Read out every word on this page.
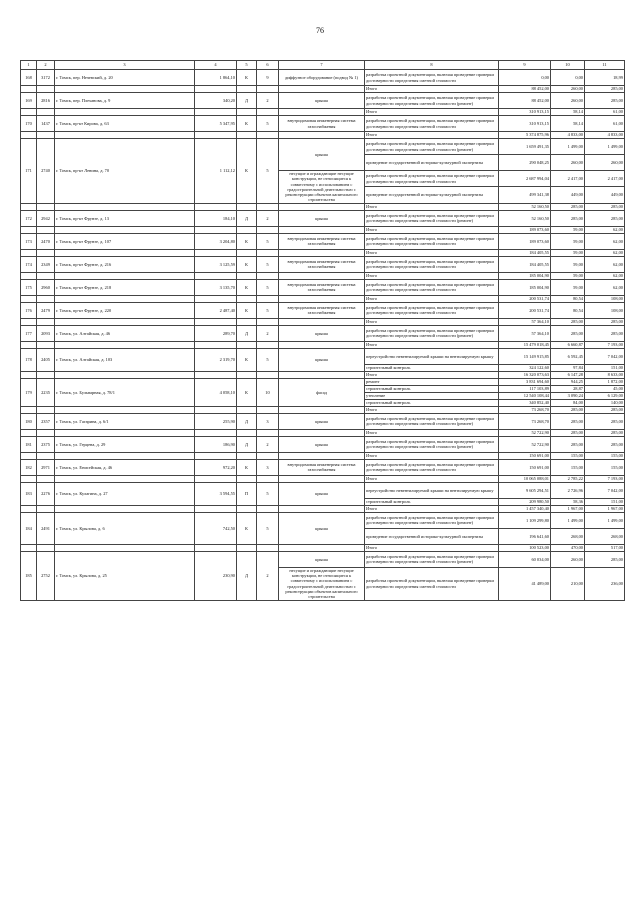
76
1	2	3	4	5	6	7	8	9	10	11
168	3172	г. Томск, пер. Нечевский, д. 20	1 864,10	К	9	диффузное оборудование (подвод № 1)	разработка проектной документации, включая проведение проверки достоверности определения сметной стоимости	0,00	0,00	18,99
							Итого	88 452,00	260,00	285,00
169	2816	г. Томск, пер. Плеханова, д. 9	340,20	Д	2	крыша	разработка проектной документации, включая проведение проверки достоверности определения сметной стоимости (ремонт)	88 452,00	260,00	285,00
							Итого	310 913,15	58,14	61,00
170	1437	г. Томск, пр-кт Кирова, д. 63	5 347,95	К	5	внутридомовая инженерная система газоснабжения	разработка проектной документации, включая проведение проверки достоверности определения сметной стоимости	310 913,15	58,14	61,00
							Итого	5 374 875,96	4 833,00	4 833,00
171	2740	г. Томск, пр-кт Ленина, д. 70	1 112,12	К	5	крыша	разработка проектной документации, включая проведение проверки достоверности определения сметной стоимости (ремонт)	1 659 491,35	1 499,00	1 499,00
							проведение государственной историко-культурной экспертизы	290 048,25	260,00	260,00
						несущие и ограждающие несущие конструкции, не относящиеся к совместному с использованием с градостроительной деятельностью с реконструкции объектов капитального строительства	разработка проектной документации, включая проведение проверки достоверности определения сметной стоимости	2 687 994,04	2 417,00	2 417,00
							проведение государственной историко-культурной экспертизы	499 341,38	449,00	449,00
							Итого	52 160,50	285,00	285,00
172	2942	г. Томск, пр-кт Фрунзе, д. 13	184,10	Д	2	крыша	разработка проектной документации, включая проведение проверки достоверности определения сметной стоимости (ремонт)	52 160,50	285,00	285,00
							Итого	189 073,60	59,00	62,00
173	2470	г. Томск, пр-кт Фрунзе, д. 107	3 204,80	К	5	внутридомовая инженерная система газоснабжения	разработка проектной документации, включая проведение проверки достоверности определения сметной стоимости	189 073,60	59,00	62,00
							Итого	184 405,55	59,00	62,00
174	2349	г. Томск, пр-кт Фрунзе, д. 216	3 125,59	К	5	внутридомовая инженерная система газоснабжения	разработка проектной документации, включая проведение проверки достоверности определения сметной стоимости	184 405,55	59,00	62,00
							Итого	185 004,90	59,00	62,00
175	2960	г. Томск, пр-кт Фрунзе, д. 218	3 135,70	К	5	внутридомовая инженерная система газоснабжения	разработка проектной документации, включая проведение проверки достоверности определения сметной стоимости	185 004,90	59,00	62,00
							Итого	200 531,74	80,54	108,00
176	2479	г. Томск, пр-кт Фрунзе, д. 220	2 487,40	К	5	внутридомовая инженерная система газоснабжения	разработка проектной документации, включая проведение проверки достоверности определения сметной стоимости	200 531,74	80,54	108,00
							Итого	57 364,10	285,00	285,00
177	2093	г. Томск, ул. Алтайская, д. 46	289,70	Д	2	крыша	разработка проектной документации, включая проведение проверки достоверности определения сметной стоимости (ремонт)	57 364,10	285,00	285,00
							Итого	15 479 018,45	6 660,87	7 193,00
178	2405	г. Томск, ул. Алтайская, д. 103	2 319,70	К	5	крыша	переустройство невентилируемой крыши на вентилируемую крышу	15 149 915,85	6 592,45	7 042,00
							строительный контроль	324 122,60	97,84	151,00
							Итого	16 320 073,63	6 147,28	8 633,00
179	2235	г. Томск, ул. Бульварная, д. 78/1	4 058,10	К	10	фасад	ремонт	3 831 694,60	944,25	1 872,00
							строительный контроль	117 103,89	28,87	45,00
							утепление	12 540 108,44	3 090,24	6 129,00
							строительный контроль	340 852,40	84,00	140,00
							Итого	73 268,70	285,00	285,00
180	2357	г. Томск, ул. Гагарина, д. 6/1	255,90	Д	3	крыша	разработка проектной документации, включая проведение проверки достоверности определения сметной стоимости (ремонт)	73 268,70	285,00	285,00
							Итого	52 722,90	285,00	285,00
181	2375	г. Томск, ул. Герцена, д. 29	186,90	Д	2	крыша	разработка проектной документации, включая проведение проверки достоверности определения сметной стоимости (ремонт)	52 722,90	285,00	285,00
							Итого	150 691,00	155,00	155,00
182	2971	г. Томск, ул. Енисейская, д. 46	972,20	К	3	внутридомовая инженерная система газоснабжения	разработка проектной документации, включая проведение проверки достоверности определения сметной стоимости	150 691,00	155,00	155,00
							Итого	10 065 088,01	2 785,22	7 193,00
183	2276	г. Томск, ул. Кулагина, д. 27	3 594,55	П	5	крыша	переустройство невентилируемой крыши на вентилируемую крышу	9 605 294,51	2 726,96	7 042,00
							строительный контроль	209 980,50	58,36	151,00
							Итого	1 457 340,40	1 967,00	1 967,00
184	2491	г. Томск, ул. Крылова, д. 6	742,50	К	5	крыша	разработка проектной документации, включая проведение проверки достоверности определения сметной стоимости (ремонт)	1 109 299,80	1 499,00	1 499,00
							проведение государственной историко-культурной экспертизы	196 641,60	268,00	268,00
							Итого	100 523,00	470,00	517,00
185	2752	г. Томск, ул. Крылова, д. 25	230,90	Д	2	крыша	разработка проектной документации, включая проведение проверки достоверности определения сметной стоимости (ремонт)	60 034,00	260,00	285,00
						несущие и ограждающие несущие конструкции, не относящиеся к совместному с использованием с градостроительной деятельностью с реконструкции объектов капитального строительства	разработка проектной документации, включая проведение проверки достоверности определения сметной стоимости	41 489,00	210,00	236,00
